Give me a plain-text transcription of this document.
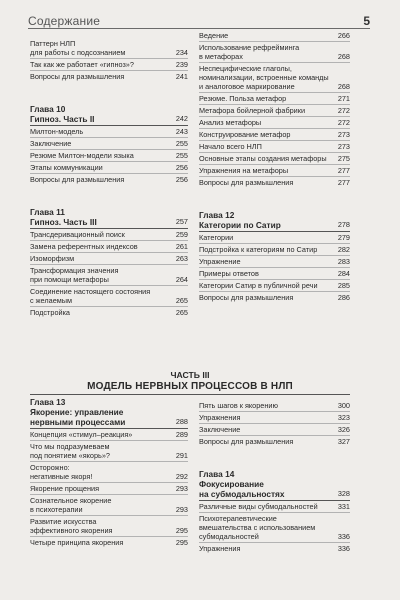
Содержание	5
Паттерн НЛП
для работы с подсознанием	234
Так как же работает «гипноз»?	239
Вопросы для размышления	241
Глава 10
Гипноз. Часть II	242
Милтон-модель	243
Заключение	255
Резюме Милтон-модели языка	255
Этапы коммуникации	256
Вопросы для размышления	256
Глава 11
Гипноз. Часть III	257
Трансдеривационный поиск	259
Замена референтных индексов	261
Изоморфизм	263
Трансформация значения
при помощи метафоры	264
Соединение настоящего состояния
с желаемым	265
Подстройка	265
Ведение	266
Использование рефрейминга
в метафорах	268
Неспецифические глаголы,
номинализации, встроенные команды
и аналоговое маркирование	268
Резюме. Польза метафор	271
Метафора бойлерной фабрики	272
Анализ метафоры	272
Конструирование метафор	273
Начало всего НЛП	273
Основные этапы создания метафоры	275
Упражнения на метафоры	277
Вопросы для размышления	277
Глава 12
Категории по Сатир	278
Категории	279
Подстройка к категориям по Сатир	282
Упражнение	283
Примеры ответов	284
Категории Сатир в публичной речи	285
Вопросы для размышления	286
ЧАСТЬ III
МОДЕЛЬ НЕРВНЫХ ПРОЦЕССОВ В НЛП
Глава 13
Якорение: управление
нервными процессами	288
Концепция «стимул–реакция»	289
Что мы подразумеваем
под понятием «якорь»?	291
Осторожно:
негативные якоря!	292
Якорение прощения	293
Сознательное якорение
в психотерапии	293
Развитие искусства
эффективного якорения	295
Четыре принципа якорения	295
Пять шагов к якорению	300
Упражнения	323
Заключение	326
Вопросы для размышления	327
Глава 14
Фокусирование
на субмодальностях	328
Различные виды субмодальностей	331
Психотерапевтические
вмешательства с использованием
субмодальностей	336
Упражнения	336
